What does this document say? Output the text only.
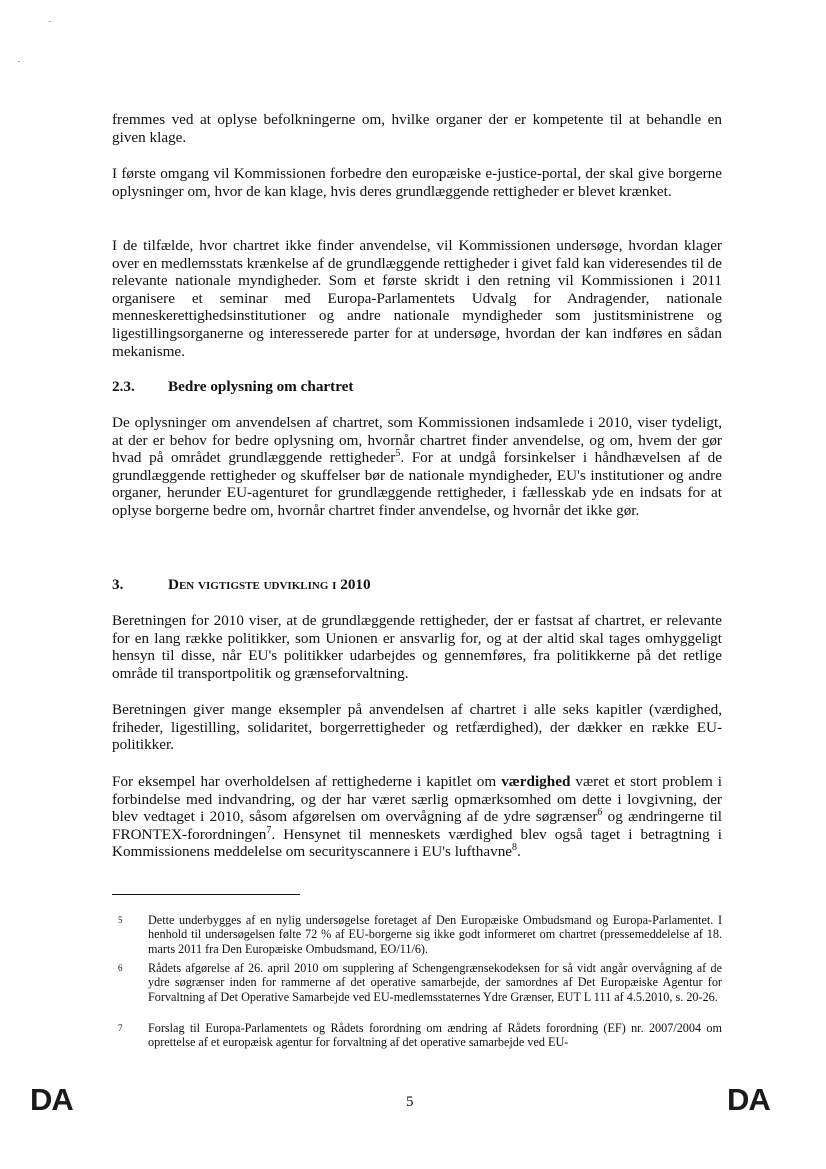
fremmes ved at oplyse befolkningerne om, hvilke organer der er kompetente til at behandle en given klage.

I første omgang vil Kommissionen forbedre den europæiske e-justice-portal, der skal give borgerne oplysninger om, hvor de kan klage, hvis deres grundlæggende rettigheder er blevet krænket.

I de tilfælde, hvor chartret ikke finder anvendelse, vil Kommissionen undersøge, hvordan klager over en medlemsstats krænkelse af de grundlæggende rettigheder i givet fald kan videresendes til de relevante nationale myndigheder. Som et første skridt i den retning vil Kommissionen i 2011 organisere et seminar med Europa-Parlamentets Udvalg for Andragender, nationale menneskerettighedsinstitutioner og andre nationale myndigheder som justitsministrene og ligestillingsorganerne og interesserede parter for at undersøge, hvordan der kan indføres en sådan mekanisme.

2.3. Bedre oplysning om chartret

De oplysninger om anvendelsen af chartret, som Kommissionen indsamlede i 2010, viser tydeligt, at der er behov for bedre oplysning om, hvornår chartret finder anvendelse, og om, hvem der gør hvad på området grundlæggende rettigheder$^5$. For at undgå forsinkelser i håndhævelsen af de grundlæggende rettigheder og skuffelser bør de nationale myndigheder, EU's institutioner og andre organer, herunder EU-agenturet for grundlæggende rettigheder, i fællesskab yde en indsats for at oplyse borgerne bedre om, hvornår chartret finder anvendelse, og hvornår det ikke gør.

3.	Den vigtigste udvikling i 2010

Beretningen for 2010 viser, at de grundlæggende rettigheder, der er fastsat af chartret, er relevante for en lang række politikker, som Unionen er ansvarlig for, og at der altid skal tages omhyggeligt hensyn til disse, når EU's politikker udarbejdes og gennemføres, fra politikkerne på det retlige område til transportpolitik og grænseforvaltning.

Beretningen giver mange eksempler på anvendelsen af chartret i alle seks kapitler (værdighed, friheder, ligestilling, solidaritet, borgerrettigheder og retfærdighed), der dækker en række EU-politikker.

For eksempel har overholdelsen af rettighederne i kapitlet om værdighed været et stort problem i forbindelse med indvandring, og der har været særlig opmærksomhed om dette i lovgivning, der blev vedtaget i 2010, såsom afgørelsen om overvågning af de ydre søgrænser$^6$ og ændringerne til FRONTEX-forordningen$^7$. Hensynet til menneskets værdighed blev også taget i betragtning i Kommissionens meddelelse om securityscannere i EU's lufthavne$^8$.

5 Dette underbygges af en nylig undersøgelse foretaget af Den Europæiske Ombudsmand og Europa-Parlamentet. I henhold til undersøgelsen følte 72 % af EU-borgerne sig ikke godt informeret om chartret (pressemeddelelse af 18. marts 2011 fra Den Europæiske Ombudsmand, EO/11/6).
6 Rådets afgørelse af 26. april 2010 om supplering af Schengengrænsekodeksen for så vidt angår overvågning af de ydre søgrænser inden for rammerne af det operative samarbejde, der samordnes af Det Europæiske Agentur for Forvaltning af Det Operative Samarbejde ved EU-medlemsstaternes Ydre Grænser, EUT L 111 af 4.5.2010, s. 20-26.
7 Forslag til Europa-Parlamentets og Rådets forordning om ændring af Rådets forordning (EF) nr. 2007/2004 om oprettelse af et europæisk agentur for forvaltning af det operative samarbejde ved EU-
DA	5	DA
